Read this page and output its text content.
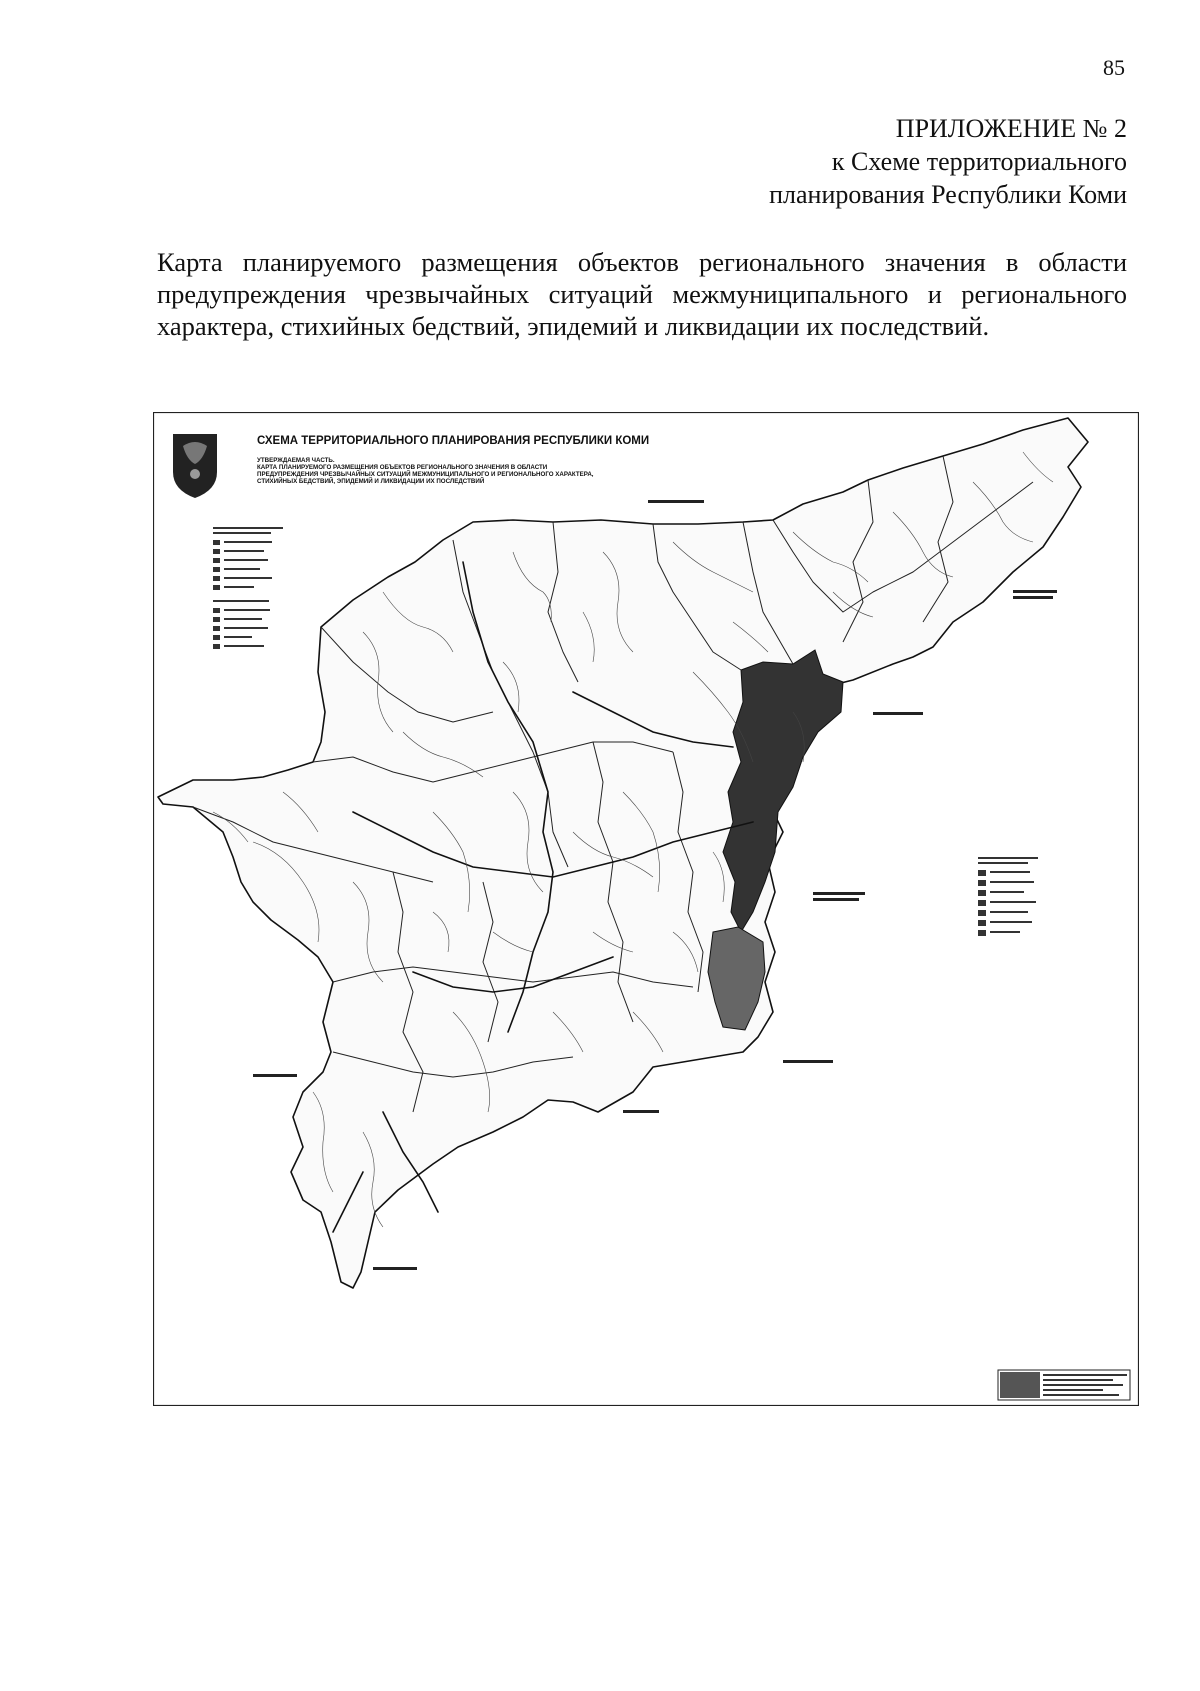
85
ПРИЛОЖЕНИЕ № 2
к Схеме территориального
планирования Республики Коми
Карта планируемого размещения объектов регионального значения в области предупреждения чрезвычайных ситуаций межмуниципального и регионального характера, стихийных бедствий, эпидемий и ликвидации их последствий.
СХЕМА ТЕРРИТОРИАЛЬНОГО ПЛАНИРОВАНИЯ РЕСПУБЛИКИ КОМИ
УТВЕРЖДАЕМАЯ ЧАСТЬ.
КАРТА ПЛАНИРУЕМОГО РАЗМЕЩЕНИЯ ОБЪЕКТОВ РЕГИОНАЛЬНОГО ЗНАЧЕНИЯ В ОБЛАСТИ
ПРЕДУПРЕЖДЕНИЯ ЧРЕЗВЫЧАЙНЫХ СИТУАЦИЙ МЕЖМУНИЦИПАЛЬНОГО И РЕГИОНАЛЬНОГО ХАРАКТЕРА,
СТИХИЙНЫХ БЕДСТВИЙ, ЭПИДЕМИЙ И ЛИКВИДАЦИИ ИХ ПОСЛЕДСТВИЙ
